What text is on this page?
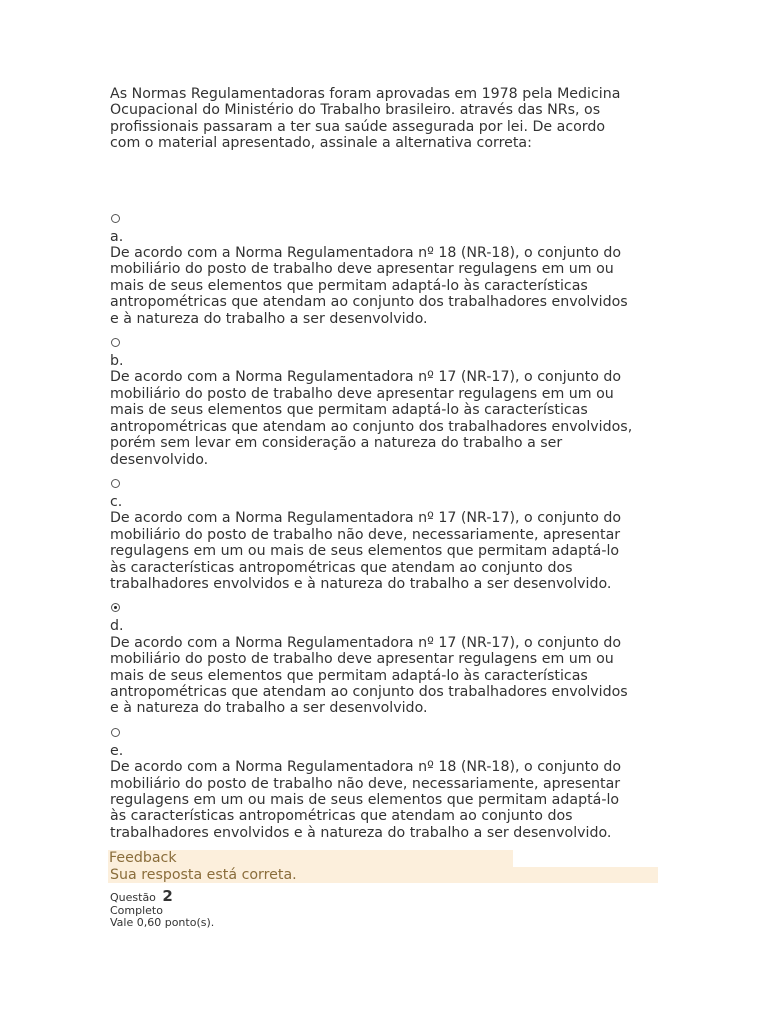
As Normas Regulamentadoras foram aprovadas em 1978 pela Medicina
Ocupacional do Ministério do Trabalho brasileiro. através das NRs, os
profissionais passaram a ter sua saúde assegurada por lei. De acordo
com o material apresentado, assinale a alternativa correta:

a.
De acordo com a Norma Regulamentadora nº 18 (NR-18), o conjunto do
mobiliário do posto de trabalho deve apresentar regulagens em um ou
mais de seus elementos que permitam adaptá-lo às características
antropométricas que atendam ao conjunto dos trabalhadores envolvidos
e à natureza do trabalho a ser desenvolvido.
b.
De acordo com a Norma Regulamentadora nº 17 (NR-17), o conjunto do
mobiliário do posto de trabalho deve apresentar regulagens em um ou
mais de seus elementos que permitam adaptá-lo às características
antropométricas que atendam ao conjunto dos trabalhadores envolvidos,
porém sem levar em consideração a natureza do trabalho a ser
desenvolvido.
c.
De acordo com a Norma Regulamentadora nº 17 (NR-17), o conjunto do
mobiliário do posto de trabalho não deve, necessariamente, apresentar
regulagens em um ou mais de seus elementos que permitam adaptá-lo
às características antropométricas que atendam ao conjunto dos
trabalhadores envolvidos e à natureza do trabalho a ser desenvolvido.
d.
De acordo com a Norma Regulamentadora nº 17 (NR-17), o conjunto do
mobiliário do posto de trabalho deve apresentar regulagens em um ou
mais de seus elementos que permitam adaptá-lo às características
antropométricas que atendam ao conjunto dos trabalhadores envolvidos
e à natureza do trabalho a ser desenvolvido.
e.
De acordo com a Norma Regulamentadora nº 18 (NR-18), o conjunto do
mobiliário do posto de trabalho não deve, necessariamente, apresentar
regulagens em um ou mais de seus elementos que permitam adaptá-lo
às características antropométricas que atendam ao conjunto dos
trabalhadores envolvidos e à natureza do trabalho a ser desenvolvido.
Feedback
Sua resposta está correta.
Questão 2
Completo
Vale 0,60 ponto(s).
